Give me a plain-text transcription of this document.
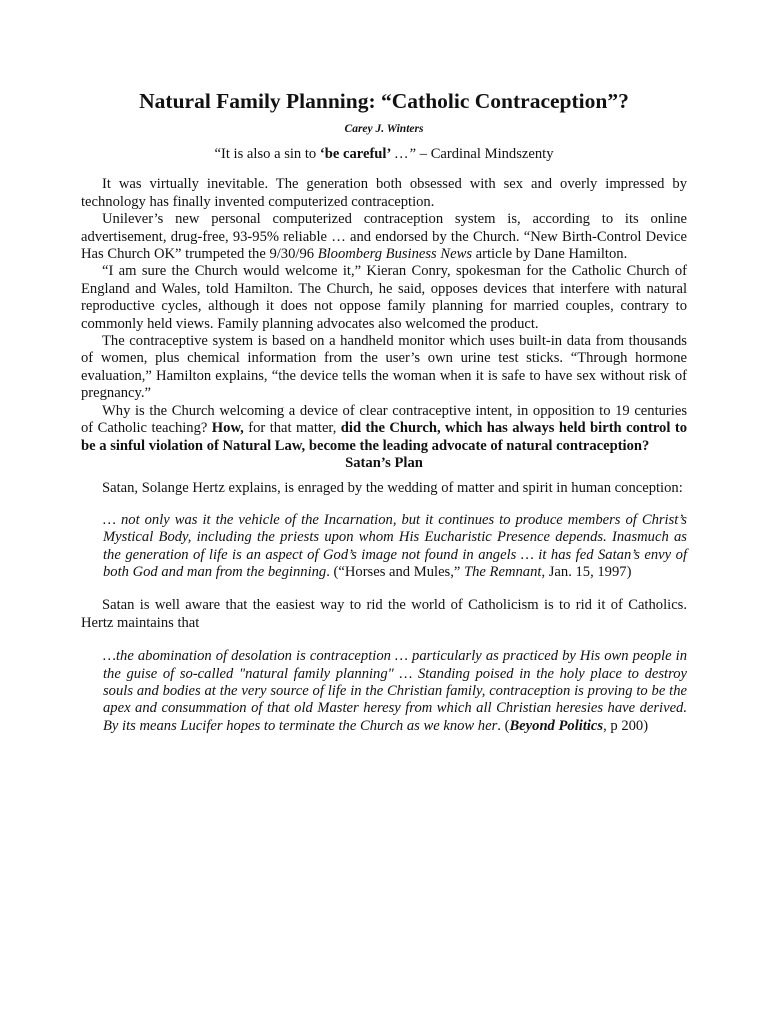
Natural Family Planning: “Catholic Contraception”?
Carey J. Winters
“It is also a sin to ‘be careful’ …” – Cardinal Mindszenty

It was virtually inevitable. The generation both obsessed with sex and overly impressed by technology has finally invented computerized contraception.

Unilever’s new personal computerized contraception system is, according to its online advertisement, drug-free, 93-95% reliable … and endorsed by the Church. “New Birth-Control Device Has Church OK” trumpeted the 9/30/96 Bloomberg Business News article by Dane Hamilton.

“I am sure the Church would welcome it,” Kieran Conry, spokesman for the Catholic Church of England and Wales, told Hamilton. The Church, he said, opposes devices that interfere with natural reproductive cycles, although it does not oppose family planning for married couples, contrary to commonly held views. Family planning advocates also welcomed the product.

The contraceptive system is based on a handheld monitor which uses built-in data from thousands of women, plus chemical information from the user’s own urine test sticks. “Through hormone evaluation,” Hamilton explains, “the device tells the woman when it is safe to have sex without risk of pregnancy.”

Why is the Church welcoming a device of clear contraceptive intent, in opposition to 19 centuries of Catholic teaching? How, for that matter, did the Church, which has always held birth control to be a sinful violation of Natural Law, become the leading advocate of natural contraception?

Satan’s Plan

Satan, Solange Hertz explains, is enraged by the wedding of matter and spirit in human conception:

… not only was it the vehicle of the Incarnation, but it continues to produce members of Christ’s Mystical Body, including the priests upon whom His Eucharistic Presence depends. Inasmuch as the generation of life is an aspect of God’s image not found in angels … it has fed Satan’s envy of both God and man from the beginning. (“Horses and Mules,” The Remnant, Jan. 15, 1997)

Satan is well aware that the easiest way to rid the world of Catholicism is to rid it of Catholics. Hertz maintains that

…the abomination of desolation is contraception … particularly as practiced by His own people in the guise of so-called "natural family planning" … Standing poised in the holy place to destroy souls and bodies at the very source of life in the Christian family, contraception is proving to be the apex and consummation of that old Master heresy from which all Christian heresies have derived. By its means Lucifer hopes to terminate the Church as we know her. (Beyond Politics, p 200)
